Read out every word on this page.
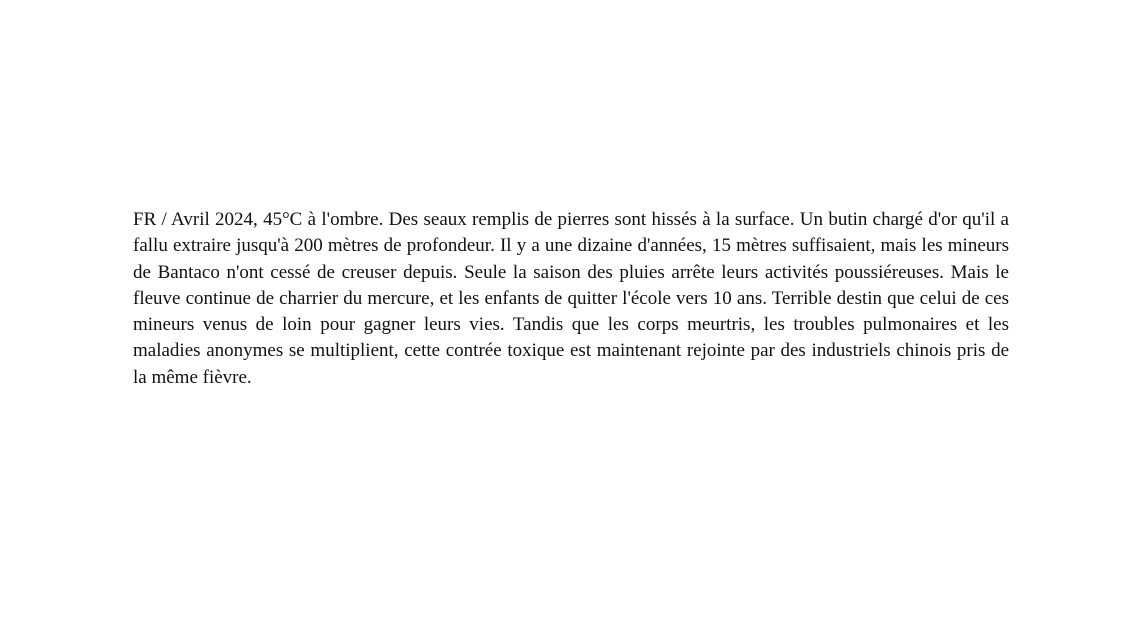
FR / Avril 2024, 45°C à l'ombre. Des seaux remplis de pierres sont hissés à la surface. Un butin chargé d'or qu'il a fallu extraire jusqu'à 200 mètres de profondeur. Il y a une dizaine d'années, 15 mètres suffisaient, mais les mineurs de Bantaco n'ont cessé de creuser depuis. Seule la saison des pluies arrête leurs activités poussiéreuses. Mais le fleuve continue de charrier du mercure, et les enfants de quitter l'école vers 10 ans. Terrible destin que celui de ces mineurs venus de loin pour gagner leurs vies. Tandis que les corps meurtris, les troubles pulmonaires et les maladies anonymes se multiplient, cette contrée toxique est maintenant rejointe par des industriels chinois pris de la même fièvre.
